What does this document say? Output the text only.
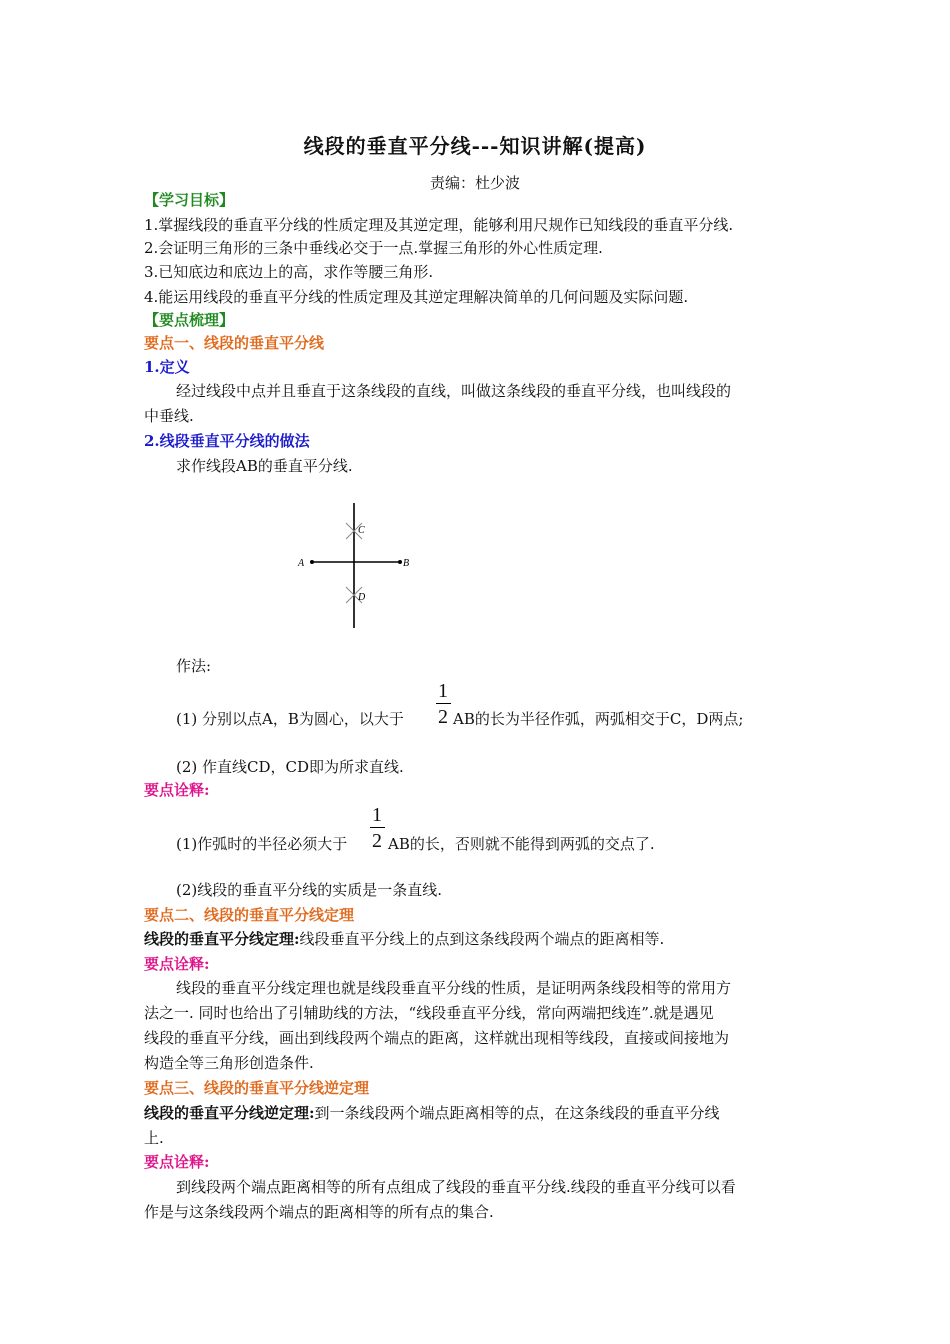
线段的垂直平分线---知识讲解(提高)
责编：杜少波
【学习目标】
1.掌握线段的垂直平分线的性质定理及其逆定理，能够利用尺规作已知线段的垂直平分线.
2.会证明三角形的三条中垂线必交于一点.掌握三角形的外心性质定理.
3.已知底边和底边上的高，求作等腰三角形.
4.能运用线段的垂直平分线的性质定理及其逆定理解决简单的几何问题及实际问题.
【要点梳理】
要点一、线段的垂直平分线
1.定义
经过线段中点并且垂直于这条线段的直线，叫做这条线段的垂直平分线，也叫线段的
中垂线.
2.线段垂直平分线的做法
求作线段AB的垂直平分线.
A	B
C
D
作法:
1
2
(1) 分别以点A，B为圆心，以大于	AB的长为半径作弧，两弧相交于C，D两点;
(2) 作直线CD，CD即为所求直线.
要点诠释:
1
2
(1)作弧时的半径必须大于	AB的长，否则就不能得到两弧的交点了.
(2)线段的垂直平分线的实质是一条直线.
要点二、线段的垂直平分线定理
线段的垂直平分线定理:线段垂直平分线上的点到这条线段两个端点的距离相等.
要点诠释:
线段的垂直平分线定理也就是线段垂直平分线的性质，是证明两条线段相等的常用方
法之一. 同时也给出了引辅助线的方法，“线段垂直平分线，常向两端把线连”.就是遇见
线段的垂直平分线，画出到线段两个端点的距离，这样就出现相等线段，直接或间接地为
构造全等三角形创造条件.
要点三、线段的垂直平分线逆定理
线段的垂直平分线逆定理:到一条线段两个端点距离相等的点，在这条线段的垂直平分线
上.
要点诠释:
到线段两个端点距离相等的所有点组成了线段的垂直平分线.线段的垂直平分线可以看
作是与这条线段两个端点的距离相等的所有点的集合.
